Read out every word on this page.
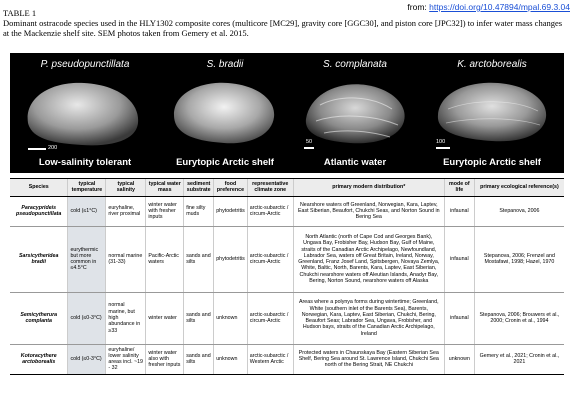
from: https://doi.org/10.47894/mpal.69.3.04
TABLE 1
Dominant ostracode species used in the HLY1302 composite cores (multicore [MC29], gravity core [GGC30], and piston core [JPC32]) to infer water mass changes at the Mackenzie shelf site. SEM photos taken from Gemery et al. 2015.
P. pseudopunctillata
200
Low-salinity tolerant
S. bradii
Eurytopic Arctic shelf
S. complanata
50
Atlantic water
K. arctoborealis
100
Eurytopic Arctic shelf
Species	typical temperature	typical salinity	typical water mass	sediment substrate	food preference	representative climate zone	primary modern distribution*	mode of life	primary ecological reference(s)
Paracyprideis pseudopunctillata	cold (≤1°C)	euryhaline, river proximal	winter water with fresher inputs	fine silty muds	phytodetritis	arctic-subarctic / circum-Arctic	Nearshore waters off Greenland, Norwegian, Kara, Laptev, East Siberian, Beaufort, Chukchi Seas, and Norton Sound in Bering Sea	infaunal	Stepanova, 2006
Sarsicytheridea bradii	eurythermic but more common in ≤4.5°C	normal marine (31-33)	Pacific-Arctic waters	sands and silts	phytodetritis	arctic-subarctic / circum-Arctic	North Atlantic (north of Cape Cod and Georges Bank), Ungava Bay, Frobisher Bay, Hudson Bay, Gulf of Maine, straits of the Canadian Arctic Archipelago, Newfoundland, Labrador Sea, waters off Great Britain, Ireland, Norway, Greenland, Franz Josef Land, Spitsbergen, Novaya Zemlya, White, Baltic, North, Barents, Kara, Laptev, East Siberian, Chukchi nearshore waters off Aleutian Islands, Anadyr Bay, Bering, Norton Sound, nearshore waters off Alaska	infaunal	Stepanova, 2006; Frenzel and Mostafawi, 1998; Hazel, 1970
Semicytherura complanta	cold (≤0-3°C)	normal marine, but high abundance in ≥33	winter water	sands and silts	unknown	arctic-subarctic / circum-Arctic	Areas where a polynya forms during wintertime; Greenland, White (southern inlet of the Barents Sea), Barents, Norwegian, Kara, Laptev, East Siberian, Chukchi, Bering, Beaufort Seas; Labrador Sea, Ungava, Frobisher, and Hudson bays, straits of the Canadian Arctic Archipelago, Ireland	infaunal	Stepanova, 2006; Brouwers et al., 2000; Cronin et al., 1994
Kotoracythere arctoborealis	cold (≤0-3°C)	euryhaline/ lower salinity areas incl. ~19 - 32	winter water also with fresher inputs	sands and silts	unknown	arctic-subarctic / Western Arctic	Protected waters in Chaunskaya Bay (Eastern Siberian Sea Shelf, Bering Sea around St. Lawrence Island, Chukchi Sea north of the Bering Strait, NE Chukchi	unknown	Gemery et al., 2021; Cronin et al., 2021
